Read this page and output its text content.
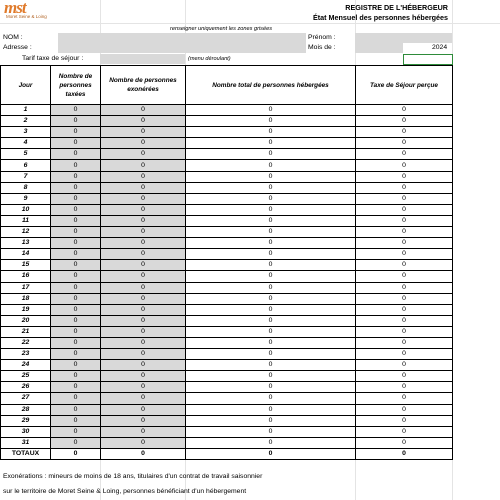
mst
Moret Seine & Loing
REGISTRE DE L'HÉBERGEUR
État Mensuel des personnes hébergées
renseigner uniquement les zones grisées
NOM :	Prénom :
Adresse :	Mois de :	2024
Tarif taxe de séjour :	(menu déroulant)
Jour	Nombre de personnes taxées	Nombre de personnes exonérées	Nombre total de personnes hébergées	Taxe de Séjour perçue
1	0	0	0	0
2	0	0	0	0
3	0	0	0	0
4	0	0	0	0
5	0	0	0	0
6	0	0	0	0
7	0	0	0	0
8	0	0	0	0
9	0	0	0	0
10	0	0	0	0
11	0	0	0	0
12	0	0	0	0
13	0	0	0	0
14	0	0	0	0
15	0	0	0	0
16	0	0	0	0
17	0	0	0	0
18	0	0	0	0
19	0	0	0	0
20	0	0	0	0
21	0	0	0	0
22	0	0	0	0
23	0	0	0	0
24	0	0	0	0
25	0	0	0	0
26	0	0	0	0
27	0	0	0	0
28	0	0	0	0
29	0	0	0	0
30	0	0	0	0
31	0	0	0	0
TOTAUX	0	0	0	0
Exonérations : mineurs de moins de 18 ans, titulaires d'un contrat de travail saisonnier
sur le territoire de Moret Seine & Loing, personnes bénéficiant d'un hébergement
